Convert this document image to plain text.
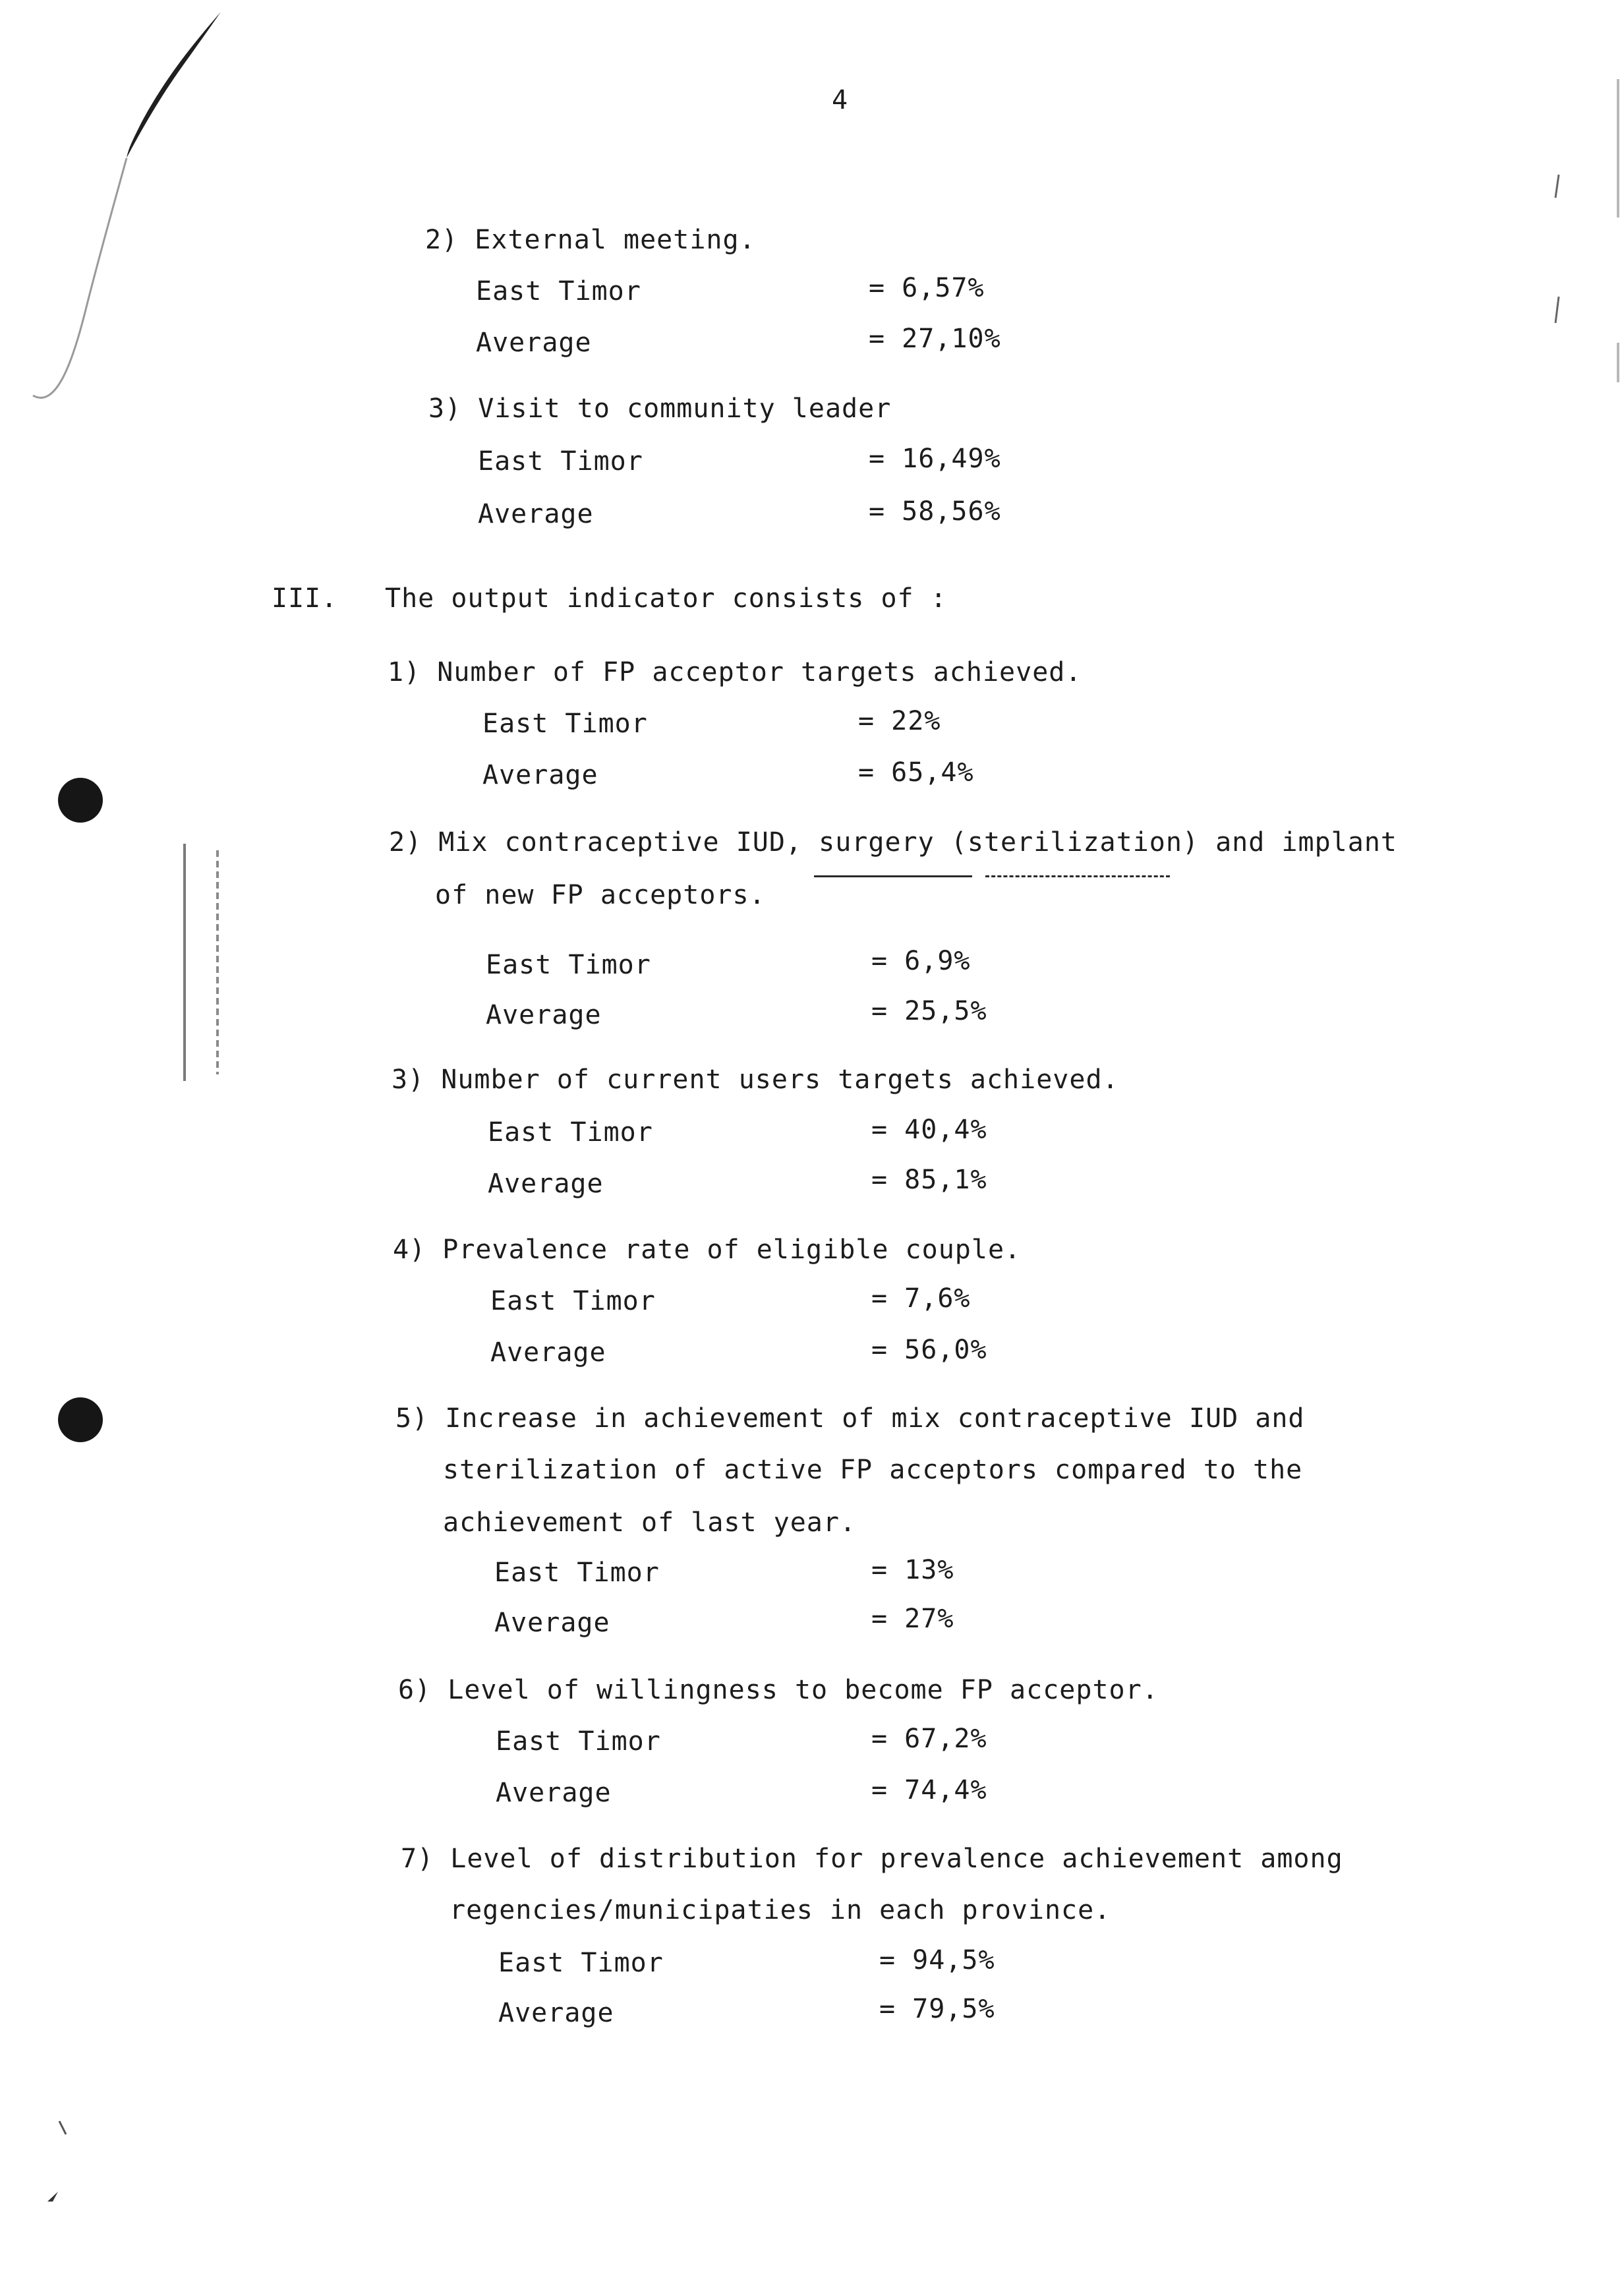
4
2) External meeting.
East Timor	= 6,57%
Average	= 27,10%
3) Visit to community leader
East Timor	= 16,49%
Average	= 58,56%
III. The output indicator consists of :
1) Number of FP acceptor targets achieved.
East Timor	= 22%
Average	= 65,4%
2) Mix contraceptive IUD, surgery (sterilization) and implant
of new FP acceptors.
East Timor	= 6,9%
Average	= 25,5%
3) Number of current users targets achieved.
East Timor	= 40,4%
Average	= 85,1%
4) Prevalence rate of eligible couple.
East Timor	= 7,6%
Average	= 56,0%
5) Increase in achievement of mix contraceptive IUD and
sterilization of active FP acceptors compared to the
achievement of last year.
East Timor	= 13%
Average	= 27%
6) Level of willingness to become FP acceptor.
East Timor	= 67,2%
Average	= 74,4%
7) Level of distribution for prevalence achievement among
regencies/municipaties in each province.
East Timor	= 94,5%
Average	= 79,5%
